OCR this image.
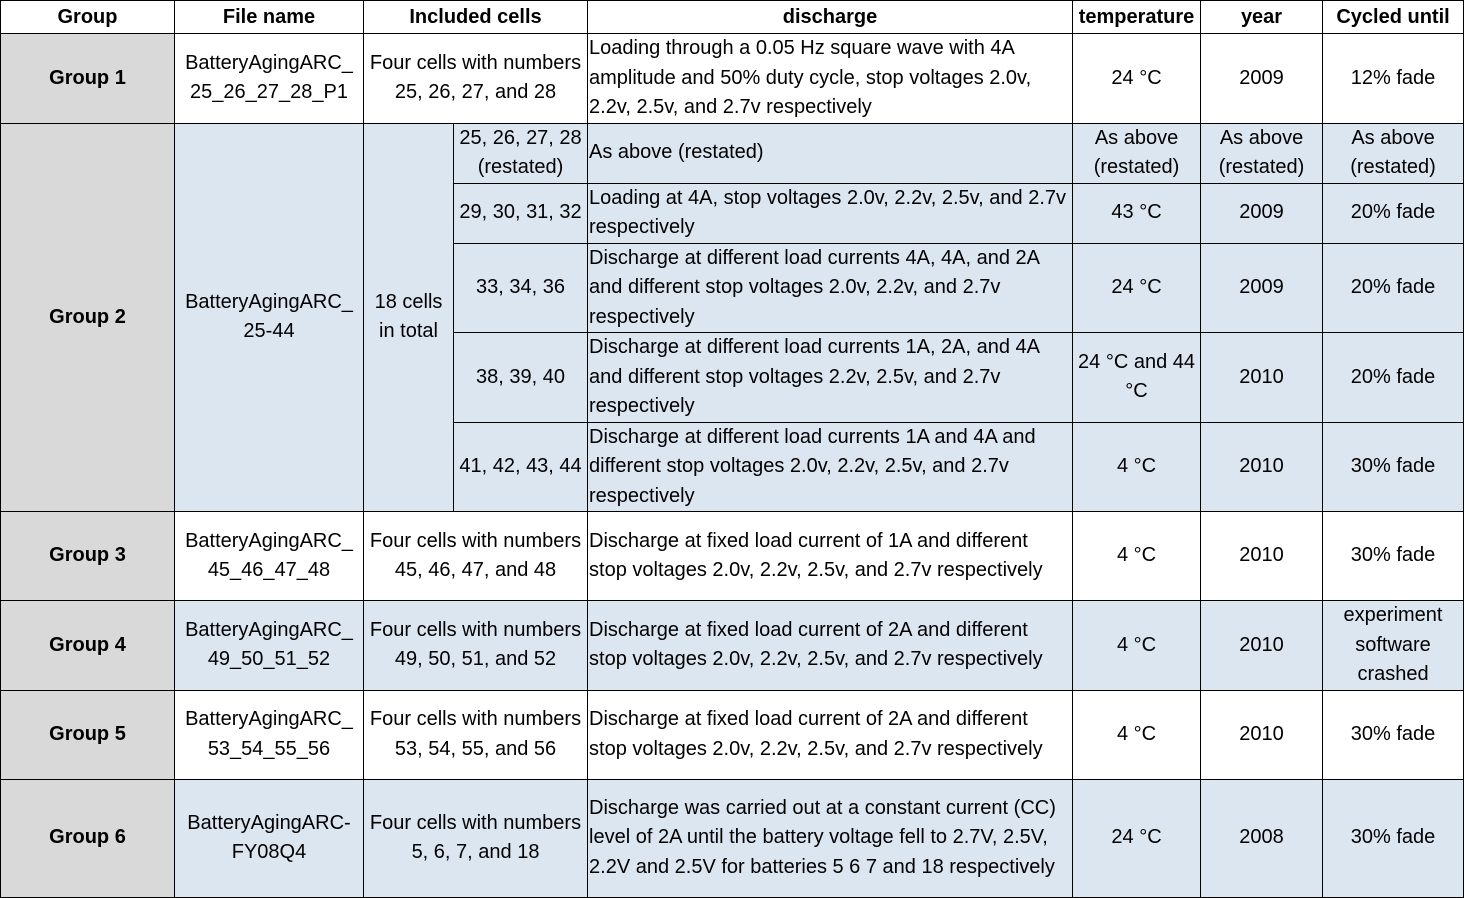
Group	File name	Included cells		discharge	temperature	year	Cycled until
Group 1	BatteryAgingARC_ 25_26_27_28_P1	Four cells with numbers 25, 26, 27, and 28		Loading through a 0.05 Hz square wave with 4A amplitude and 50% duty cycle, stop voltages 2.0v, 2.2v, 2.5v, and 2.7v respectively	24 °C	2009	12% fade
Group 2	BatteryAgingARC_ 25-44	18 cells in total	25, 26, 27, 28 (restated)	As above (restated)	As above (restated)	As above (restated)	As above (restated)
			29, 30, 31, 32	Loading at 4A, stop voltages 2.0v, 2.2v, 2.5v, and 2.7v respectively	43 °C	2009	20% fade
			33, 34, 36	Discharge at different load currents 4A, 4A, and 2A and different stop voltages 2.0v, 2.2v, and 2.7v respectively	24 °C	2009	20% fade
			38, 39, 40	Discharge at different load currents 1A, 2A, and 4A and different stop voltages 2.2v, 2.5v, and 2.7v respectively	24 °C and 44 °C	2010	20% fade
			41, 42, 43, 44	Discharge at different load currents 1A and 4A and different stop voltages 2.0v, 2.2v, 2.5v, and 2.7v respectively	4 °C	2010	30% fade
Group 3	BatteryAgingARC_ 45_46_47_48	Four cells with numbers 45, 46, 47, and 48		Discharge at fixed load current of 1A and different stop voltages 2.0v, 2.2v, 2.5v, and 2.7v respectively	4 °C	2010	30% fade
Group 4	BatteryAgingARC_ 49_50_51_52	Four cells with numbers 49, 50, 51, and 52		Discharge at fixed load current of 2A and different stop voltages 2.0v, 2.2v, 2.5v, and 2.7v respectively	4 °C	2010	experiment software crashed
Group 5	BatteryAgingARC_ 53_54_55_56	Four cells with numbers 53, 54, 55, and 56		Discharge at fixed load current of 2A and different stop voltages 2.0v, 2.2v, 2.5v, and 2.7v respectively	4 °C	2010	30% fade
Group 6	BatteryAgingARC- FY08Q4	Four cells with numbers 5, 6, 7, and 18		Discharge was carried out at a constant current (CC) level of 2A until the battery voltage fell to 2.7V, 2.5V, 2.2V and 2.5V for batteries 5 6 7 and 18 respectively	24 °C	2008	30% fade
